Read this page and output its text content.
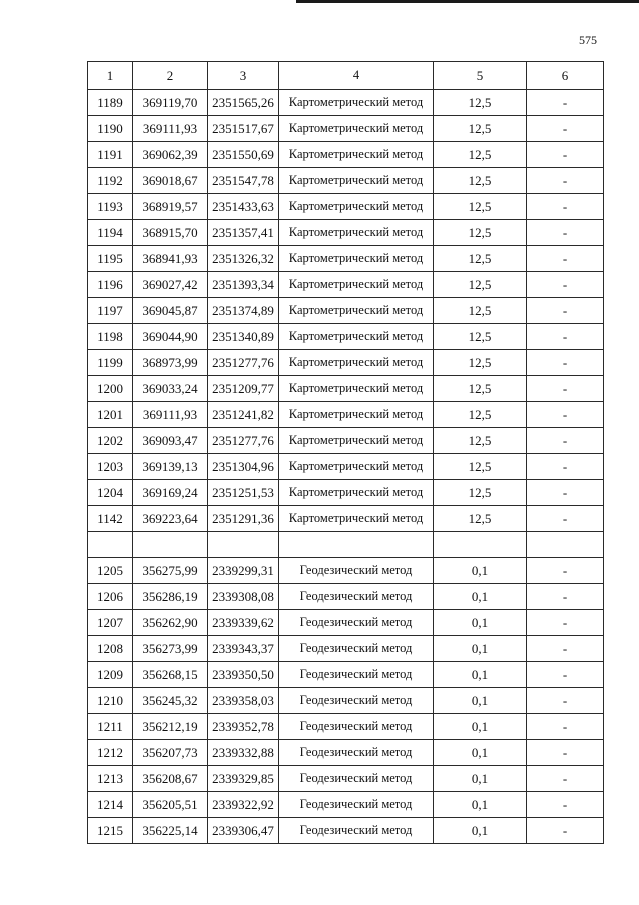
575
1	2	3	4	5	6
1189	369119,70	2351565,26	Картометрический метод	12,5	-
1190	369111,93	2351517,67	Картометрический метод	12,5	-
1191	369062,39	2351550,69	Картометрический метод	12,5	-
1192	369018,67	2351547,78	Картометрический метод	12,5	-
1193	368919,57	2351433,63	Картометрический метод	12,5	-
1194	368915,70	2351357,41	Картометрический метод	12,5	-
1195	368941,93	2351326,32	Картометрический метод	12,5	-
1196	369027,42	2351393,34	Картометрический метод	12,5	-
1197	369045,87	2351374,89	Картометрический метод	12,5	-
1198	369044,90	2351340,89	Картометрический метод	12,5	-
1199	368973,99	2351277,76	Картометрический метод	12,5	-
1200	369033,24	2351209,77	Картометрический метод	12,5	-
1201	369111,93	2351241,82	Картометрический метод	12,5	-
1202	369093,47	2351277,76	Картометрический метод	12,5	-
1203	369139,13	2351304,96	Картометрический метод	12,5	-
1204	369169,24	2351251,53	Картометрический метод	12,5	-
1142	369223,64	2351291,36	Картометрический метод	12,5	-

1205	356275,99	2339299,31	Геодезический метод	0,1	-
1206	356286,19	2339308,08	Геодезический метод	0,1	-
1207	356262,90	2339339,62	Геодезический метод	0,1	-
1208	356273,99	2339343,37	Геодезический метод	0,1	-
1209	356268,15	2339350,50	Геодезический метод	0,1	-
1210	356245,32	2339358,03	Геодезический метод	0,1	-
1211	356212,19	2339352,78	Геодезический метод	0,1	-
1212	356207,73	2339332,88	Геодезический метод	0,1	-
1213	356208,67	2339329,85	Геодезический метод	0,1	-
1214	356205,51	2339322,92	Геодезический метод	0,1	-
1215	356225,14	2339306,47	Геодезический метод	0,1	-
